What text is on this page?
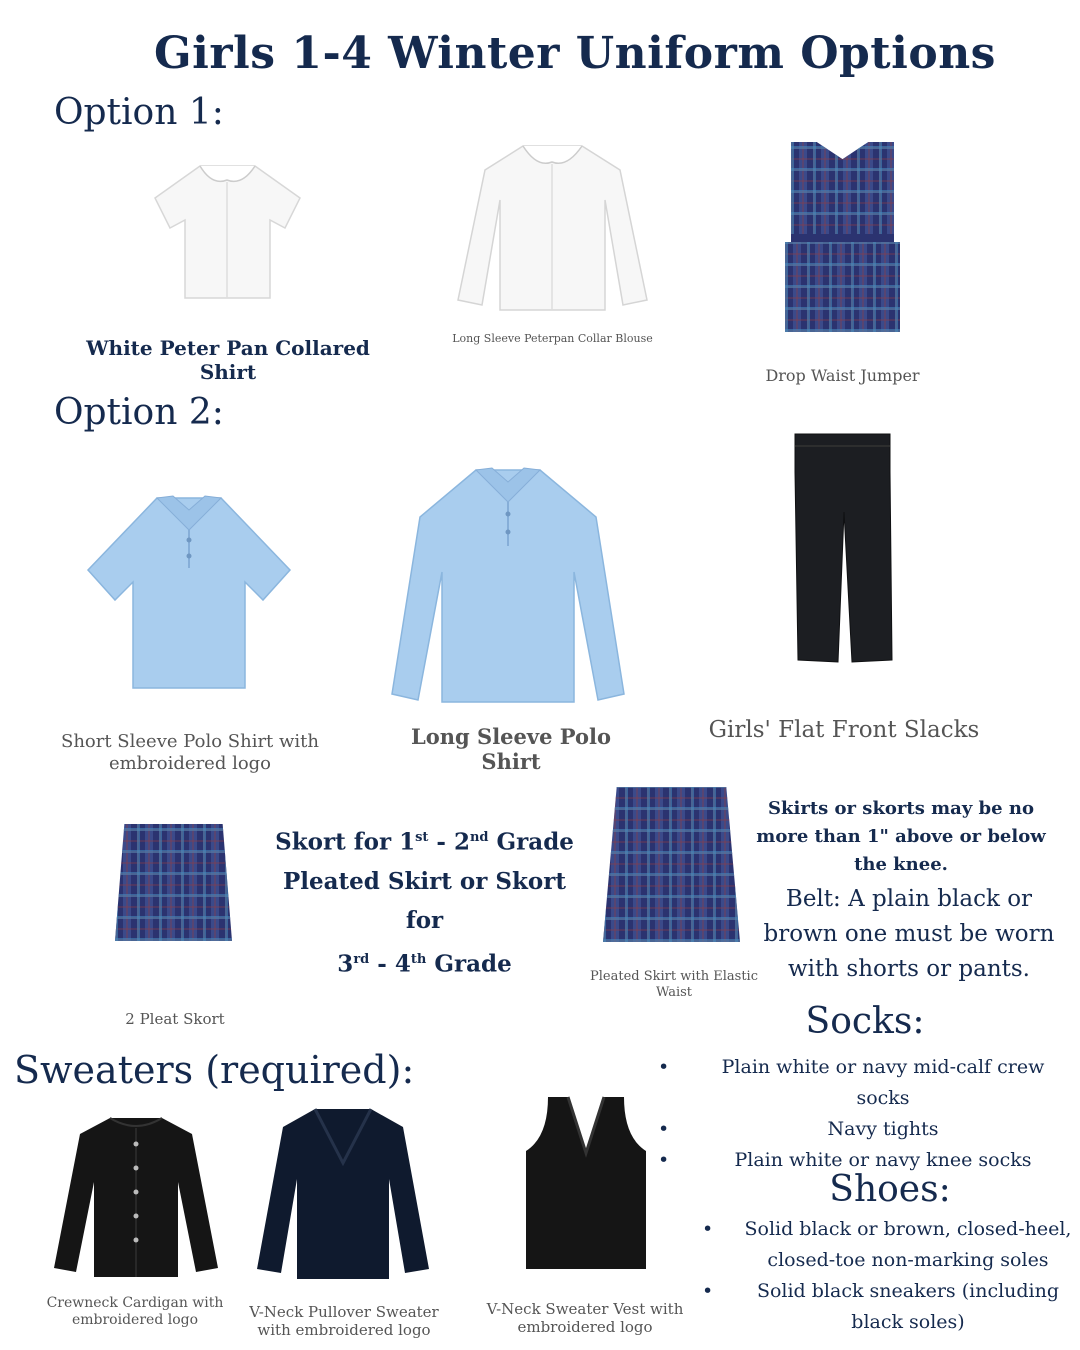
Girls 1-4 Winter Uniform Options
Option 1:
White Peter Pan Collared Shirt
Long Sleeve Peterpan Collar Blouse
Drop Waist Jumper
Option 2:
Short Sleeve Polo Shirt with embroidered logo
Long Sleeve Polo Shirt
Girls' Flat Front Slacks
2 Pleat Skort
Skort for 1st - 2nd Grade
Pleated Skirt or Skort for
3rd - 4th Grade	Pleated Skirt with Elastic Waist
Skirts or skorts may be no more than 1" above or below the knee.
Belt: A plain black or brown one must be worn with shorts or pants.
Socks:
• Plain white or navy mid-calf crew socks
• Navy tights
• Plain white or navy knee socks
Shoes:
• Solid black or brown, closed-heel, closed-toe non-marking soles
• Solid black sneakers (including black soles)
Sweaters (required):
Crewneck Cardigan with embroidered logo	V-Neck Pullover Sweater with embroidered logo
V-Neck Sweater Vest with embroidered logo
